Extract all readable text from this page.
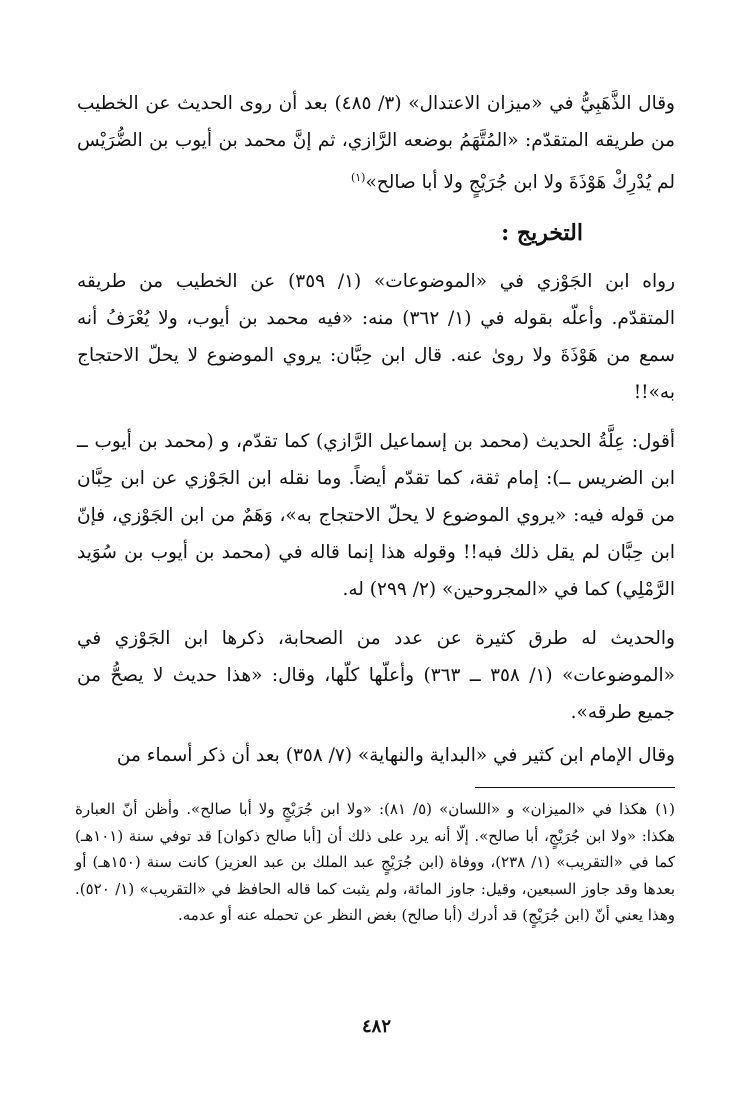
وقال الذَّهَبِيُّ في «ميزان الاعتدال» (٣/ ٤٨٥) بعد أن روى الحديث عن الخطيب من طريقه المتقدّم: «المُتَّهَمُ بوضعه الرَّازي، ثم إنَّ محمد بن أيوب بن الضُّرَيْس لم يُدْرِكْ هَوْذَةَ ولا ابن جُرَيْجٍ ولا أبا صالح»$^{(١)}$

التخريج :

رواه ابن الجَوْزي في «الموضوعات» (١/ ٣٥٩) عن الخطيب من طريقه المتقدّم. وأعلّه بقوله في (١/ ٣٦٢) منه: «فيه محمد بن أيوب، ولا يُعْرَفُ أنه سمع من هَوْذَةَ ولا روىٰ عنه. قال ابن حِبَّان: يروي الموضوع لا يحلّ الاحتجاج به»!!

أقول: عِلَّةُ الحديث (محمد بن إسماعيل الرَّازي) كما تقدّم، و (محمد بن أيوب ــ ابن الضريس ــ): إمام ثقة، كما تقدّم أيضاً. وما نقله ابن الجَوْزي عن ابن حِبَّان من قوله فيه: «يروي الموضوع لا يحلّ الاحتجاج به»، وَهَمٌ من ابن الجَوْزي، فإنّ ابن حِبَّان لم يقل ذلك فيه!! وقوله هذا إنما قاله في (محمد بن أيوب بن سُوَيد الرَّمْلِي) كما في «المجروحين» (٢/ ٢٩٩) له.

والحديث له طرق كثيرة عن عدد من الصحابة، ذكرها ابن الجَوْزي في «الموضوعات» (١/ ٣٥٨ ــ ٣٦٣) وأعلّها كلّها، وقال: «هذا حديث لا يصحُّ من جميع طرقه».

وقال الإمام ابن كثير في «البداية والنهاية» (٧/ ٣٥٨) بعد أن ذكر أسماء من

(١)هكذا في «الميزان» و «اللسان» (٥/ ٨١): «ولا ابن جُرَيْجٍ ولا أبا صالح». وأظن أنّ العبارة هكذا: «ولا ابن جُرَيْجٍ، أبا صالح». إلّا أنه يرد على ذلك أن [أبا صالح ذكوان] قد توفي سنة (١٠١هـ) كما في «التقريب» (١/ ٢٣٨)، ووفاة (ابن جُرَيْجٍ عبد الملك بن عبد العزيز) كانت سنة (١٥٠هـ) أو بعدها وقد جاوز السبعين، وقيل: جاوز المائة، ولم يثبت كما قاله الحافظ في «التقريب» (١/ ٥٢٠). وهذا يعني أنّ (ابن جُرَيْجٍ) قد أدرك (أبا صالح) بغض النظر عن تحمله عنه أو عدمه.

٤٨٢
